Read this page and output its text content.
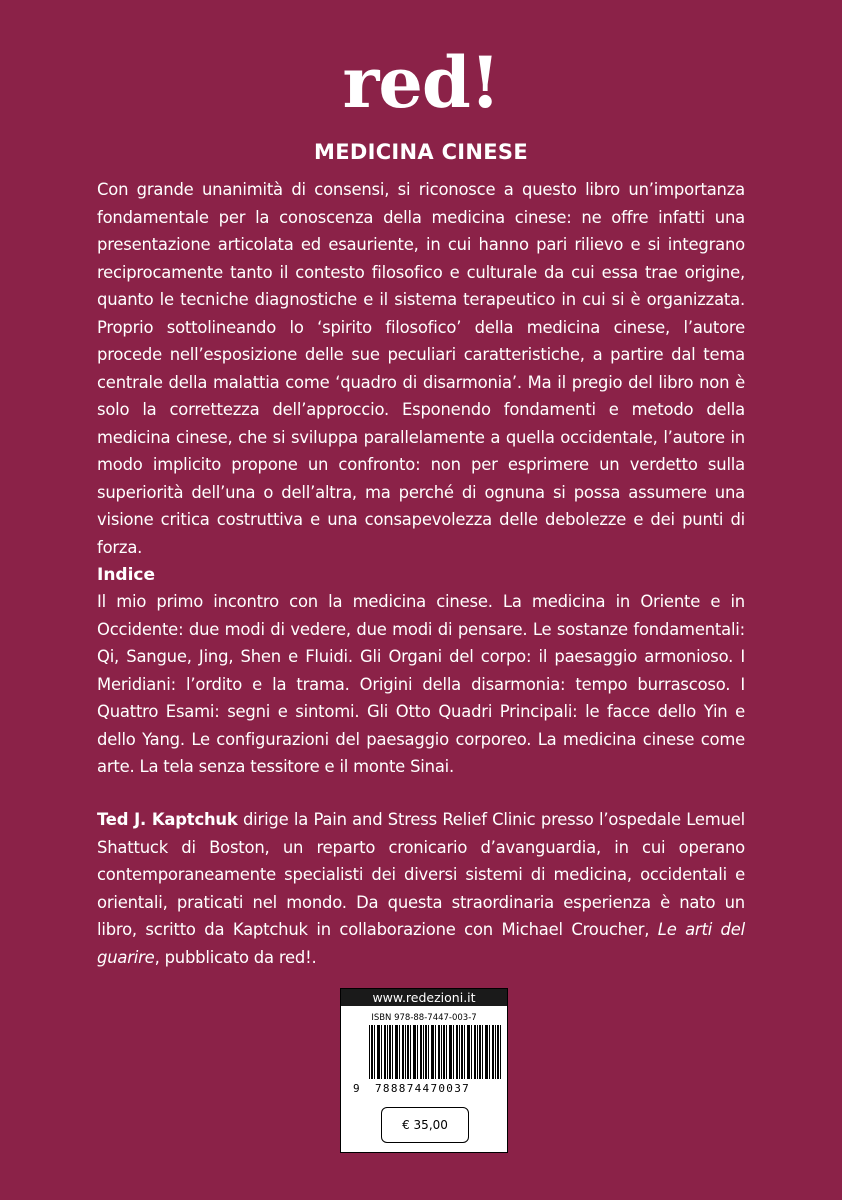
red!
MEDICINA CINESE
Con grande unanimità di consensi, si riconosce a questo libro un’importanza fondamentale per la conoscenza della medicina cinese: ne offre infatti una presentazione articolata ed esauriente, in cui hanno pari rilievo e si integrano reciprocamente tanto il contesto filosofico e culturale da cui essa trae origine, quanto le tecniche diagnostiche e il sistema terapeutico in cui si è organizzata. Proprio sottolineando lo ‘spirito filosofico’ della medicina cinese, l’autore procede nell’esposizione delle sue peculiari caratteristiche, a partire dal tema centrale della malattia come ‘quadro di disarmonia’. Ma il pregio del libro non è solo la correttezza dell’approccio. Esponendo fondamenti e metodo della medicina cinese, che si sviluppa parallelamente a quella occidentale, l’autore in modo implicito propone un confronto: non per esprimere un verdetto sulla superiorità dell’una o dell’altra, ma perché di ognuna si possa assumere una visione critica costruttiva e una consapevolezza delle debolezze e dei punti di forza.
Indice
Il mio primo incontro con la medicina cinese. La medicina in Oriente e in Occidente: due modi di vedere, due modi di pensare. Le sostanze fondamentali: Qi, Sangue, Jing, Shen e Fluidi. Gli Organi del corpo: il paesaggio armonioso. I Meridiani: l’ordito e la trama. Origini della disarmonia: tempo burrascoso. I Quattro Esami: segni e sintomi. Gli Otto Quadri Principali: le facce dello Yin e dello Yang. Le configurazioni del paesaggio corporeo. La medicina cinese come arte. La tela senza tessitore e il monte Sinai.
Ted J. Kaptchuk dirige la Pain and Stress Relief Clinic presso l’ospedale Lemuel Shattuck di Boston, un reparto cronicario d’avanguardia, in cui operano contemporaneamente specialisti dei diversi sistemi di medicina, occidentali e orientali, praticati nel mondo. Da questa straordinaria esperienza è nato un libro, scritto da Kaptchuk in collaborazione con Michael Croucher, Le arti del guarire, pubblicato da red!.
www.redezioni.it
ISBN 978-88-7447-003-7
9 788874470037
€ 35,00
